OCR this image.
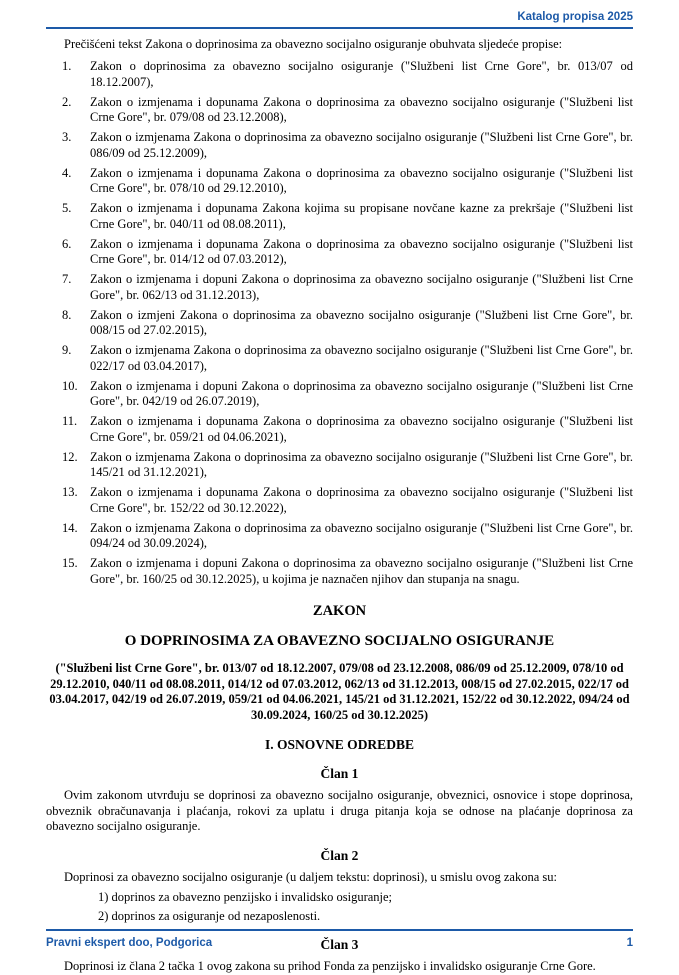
Katalog propisa 2025

Prečišćeni tekst Zakona o doprinosima za obavezno socijalno osiguranje obuhvata sljedeće propise:

1.	Zakon o doprinosima za obavezno socijalno osiguranje ("Službeni list Crne Gore", br. 013/07 od 18.12.2007),
2.	Zakon o izmjenama i dopunama Zakona o doprinosima za obavezno socijalno osiguranje ("Službeni list Crne Gore", br. 079/08 od 23.12.2008),
3.	Zakon o izmjenama Zakona o doprinosima za obavezno socijalno osiguranje ("Službeni list Crne Gore", br. 086/09 od 25.12.2009),
4.	Zakon o izmjenama i dopunama Zakona o doprinosima za obavezno socijalno osiguranje ("Službeni list Crne Gore", br. 078/10 od 29.12.2010),
5.	Zakon o izmjenama i dopunama Zakona kojima su propisane novčane kazne za prekršaje ("Službeni list Crne Gore", br. 040/11 od 08.08.2011),
6.	Zakon o izmjenama i dopunama Zakona o doprinosima za obavezno socijalno osiguranje ("Službeni list Crne Gore", br. 014/12 od 07.03.2012),
7.	Zakon o izmjenama i dopuni Zakona o doprinosima za obavezno socijalno osiguranje ("Službeni list Crne Gore", br. 062/13 od 31.12.2013),
8.	Zakon o izmjeni Zakona o doprinosima za obavezno socijalno osiguranje ("Službeni list Crne Gore", br. 008/15 od 27.02.2015),
9.	Zakon o izmjenama Zakona o doprinosima za obavezno socijalno osiguranje ("Službeni list Crne Gore", br. 022/17 od 03.04.2017),
10. Zakon o izmjenama i dopuni Zakona o doprinosima za obavezno socijalno osiguranje ("Službeni list Crne Gore", br. 042/19 od 26.07.2019),
11.	Zakon o izmjenama i dopunama Zakona o doprinosima za obavezno socijalno osiguranje ("Službeni list Crne Gore", br. 059/21 od 04.06.2021),
12. Zakon o izmjenama Zakona o doprinosima za obavezno socijalno osiguranje ("Službeni list Crne Gore", br. 145/21 od 31.12.2021),
13. Zakon o izmjenama i dopunama Zakona o doprinosima za obavezno socijalno osiguranje ("Službeni list Crne Gore", br. 152/22 od 30.12.2022),
14. Zakon o izmjenama Zakona o doprinosima za obavezno socijalno osiguranje ("Službeni list Crne Gore", br. 094/24 od 30.09.2024),
15. Zakon o izmjenama i dopuni Zakona o doprinosima za obavezno socijalno osiguranje ("Službeni list Crne Gore", br. 160/25 od 30.12.2025), u kojima je naznačen njihov dan stupanja na snagu.
ZAKON
O DOPRINOSIMA ZA OBAVEZNO SOCIJALNO OSIGURANJE
("Službeni list Crne Gore", br. 013/07 od 18.12.2007, 079/08 od 23.12.2008, 086/09 od 25.12.2009, 078/10 od 29.12.2010, 040/11 od 08.08.2011, 014/12 od 07.03.2012, 062/13 od 31.12.2013, 008/15 od 27.02.2015, 022/17 od 03.04.2017, 042/19 od 26.07.2019, 059/21 od 04.06.2021, 145/21 od 31.12.2021, 152/22 od 30.12.2022, 094/24 od 30.09.2024, 160/25 od 30.12.2025)
I. OSNOVNE ODREDBE
Član 1

Ovim zakonom utvrđuju se doprinosi za obavezno socijalno osiguranje, obveznici, osnovice i stope doprinosa, obveznik obračunavanja i plaćanja, rokovi za uplatu i druga pitanja koja se odnose na plaćanje doprinosa za obavezno socijalno osiguranje.

Član 2

Doprinosi za obavezno socijalno osiguranje (u daljem tekstu: doprinosi), u smislu ovog zakona su:

1) doprinos za obavezno penzijsko i invalidsko osiguranje;

2) doprinos za osiguranje od nezaposlenosti.

Član 3

Doprinosi iz člana 2 tačka 1 ovog zakona su prihod Fonda za penzijsko i invalidsko osiguranje Crne Gore.

Pravni ekspert doo, Podgorica	1
